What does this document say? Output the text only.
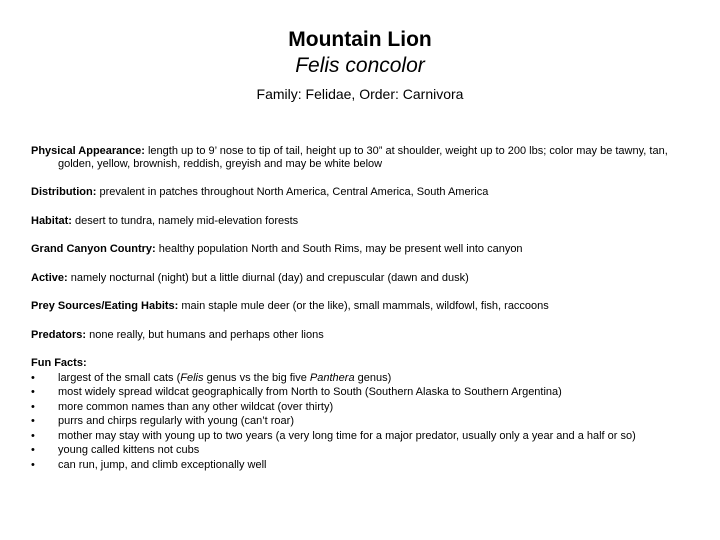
Mountain Lion
Felis concolor
Family: Felidae, Order: Carnivora

Physical Appearance: length up to 9’ nose to tip of tail, height up to 30” at shoulder, weight up to 200 lbs; color may be tawny, tan, golden, yellow, brownish, reddish, greyish and may be white below

Distribution: prevalent in patches throughout North America, Central America, South America

Habitat: desert to tundra, namely mid-elevation forests

Grand Canyon Country: healthy population North and South Rims, may be present well into canyon

Active: namely nocturnal (night) but a little diurnal (day) and crepuscular (dawn and dusk)

Prey Sources/Eating Habits: main staple mule deer (or the like), small mammals, wildfowl, fish, raccoons

Predators: none really, but humans and perhaps other lions

Fun Facts:
• largest of the small cats (Felis genus vs the big five Panthera genus)
• most widely spread wildcat geographically from North to South (Southern Alaska to Southern Argentina)
• more common names than any other wildcat (over thirty)
• purrs and chirps regularly with young (can’t roar)
• mother may stay with young up to two years (a very long time for a major predator, usually only a year and a half or so)
• young called kittens not cubs
• can run, jump, and climb exceptionally well
